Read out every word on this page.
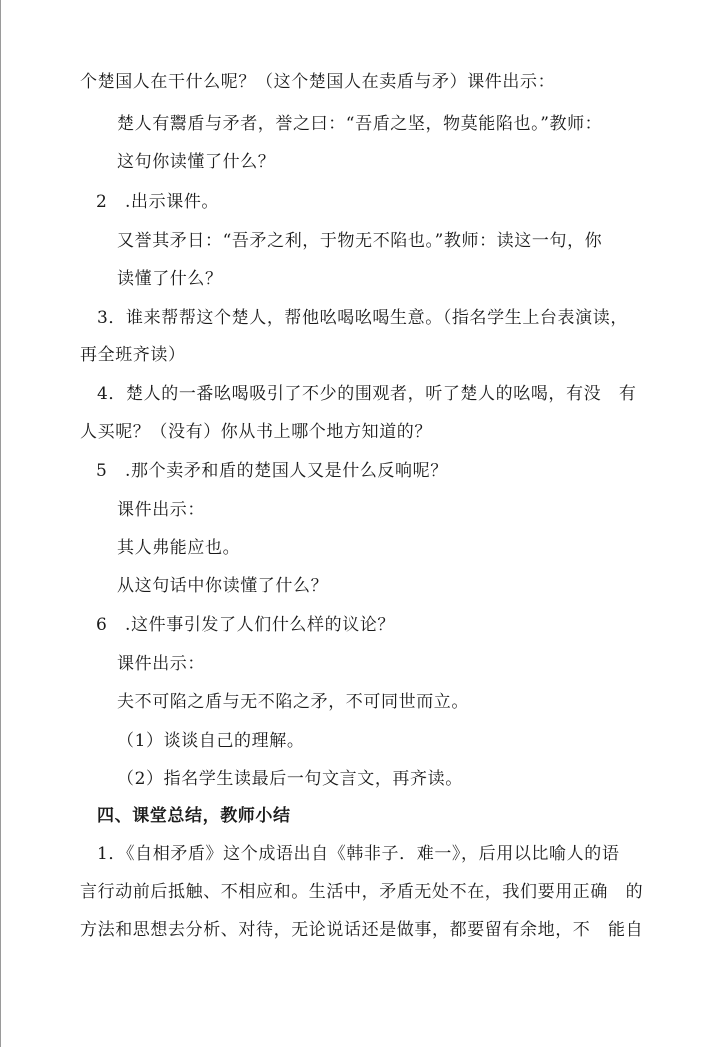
个楚国人在干什么呢？（这个楚国人在卖盾与矛）课件出示：
楚人有鬻盾与矛者，誉之曰：“吾盾之坚，物莫能陷也。”教师：
这句你读懂了什么？
2　.出示课件。
又誉其矛日：“吾矛之利，于物无不陷也。”教师：读这一句，你
读懂了什么？
3．谁来帮帮这个楚人，帮他吆喝吆喝生意。（指名学生上台表演读，
再全班齐读）
4．楚人的一番吆喝吸引了不少的围观者，听了楚人的吆喝，有没　有
人买呢？（没有）你从书上哪个地方知道的？
5　.那个卖矛和盾的楚国人又是什么反响呢？
课件出示：
其人弗能应也。
从这句话中你读懂了什么？
6　.这件事引发了人们什么样的议论？
课件出示：
夫不可陷之盾与无不陷之矛，不可同世而立。
（1）谈谈自己的理解。
（2）指名学生读最后一句文言文，再齐读。
四、课堂总结，教师小结
1．《自相矛盾》这个成语出自《韩非子．难一》，后用以比喻人的语
言行动前后抵触、不相应和。生活中，矛盾无处不在，我们要用正确　的
方法和思想去分析、对待，无论说话还是做事，都要留有余地，不　能自
